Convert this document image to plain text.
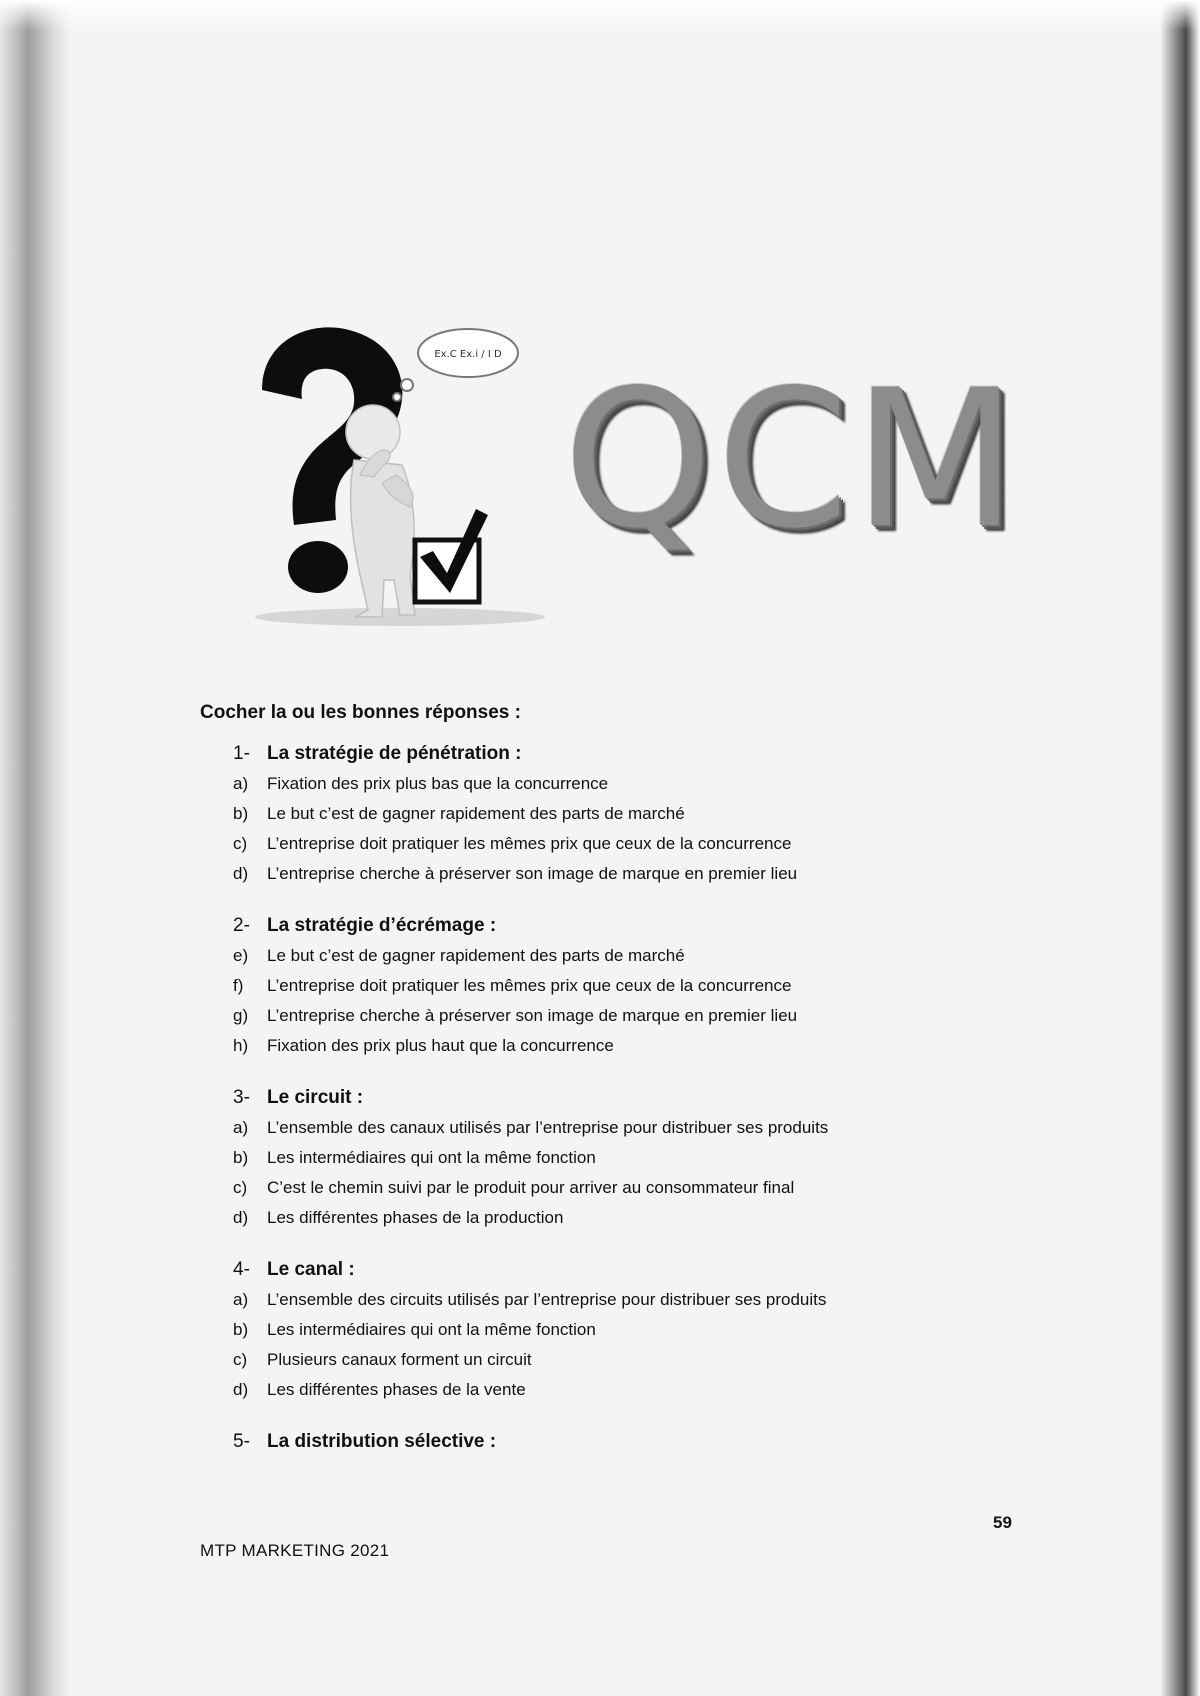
Ex.C Ex.i / I D QCM

Cocher la ou les bonnes réponses :

1- La stratégie de pénétration :
a)	Fixation des prix plus bas que la concurrence
b)	Le but c’est de gagner rapidement des parts de marché
c)	L’entreprise doit pratiquer les mêmes prix que ceux de la concurrence
d)	L’entreprise cherche à préserver son image de marque en premier lieu
2- La stratégie d’écrémage :
e)	Le but c’est de gagner rapidement des parts de marché
f)	L’entreprise doit pratiquer les mêmes prix que ceux de la concurrence
g)	L’entreprise cherche à préserver son image de marque en premier lieu
h)	Fixation des prix plus haut que la concurrence
3- Le circuit :
a)	L’ensemble des canaux utilisés par l’entreprise pour distribuer ses produits
b)	Les intermédiaires qui ont la même fonction
c)	C’est le chemin suivi par le produit pour arriver au consommateur final
d)	Les différentes phases de la production
4- Le canal :
a)	L’ensemble des circuits utilisés par l’entreprise pour distribuer ses produits
b)	Les intermédiaires qui ont la même fonction
c)	Plusieurs canaux forment un circuit
d)	Les différentes phases de la vente
5- La distribution sélective :
59
MTP MARKETING 2021
